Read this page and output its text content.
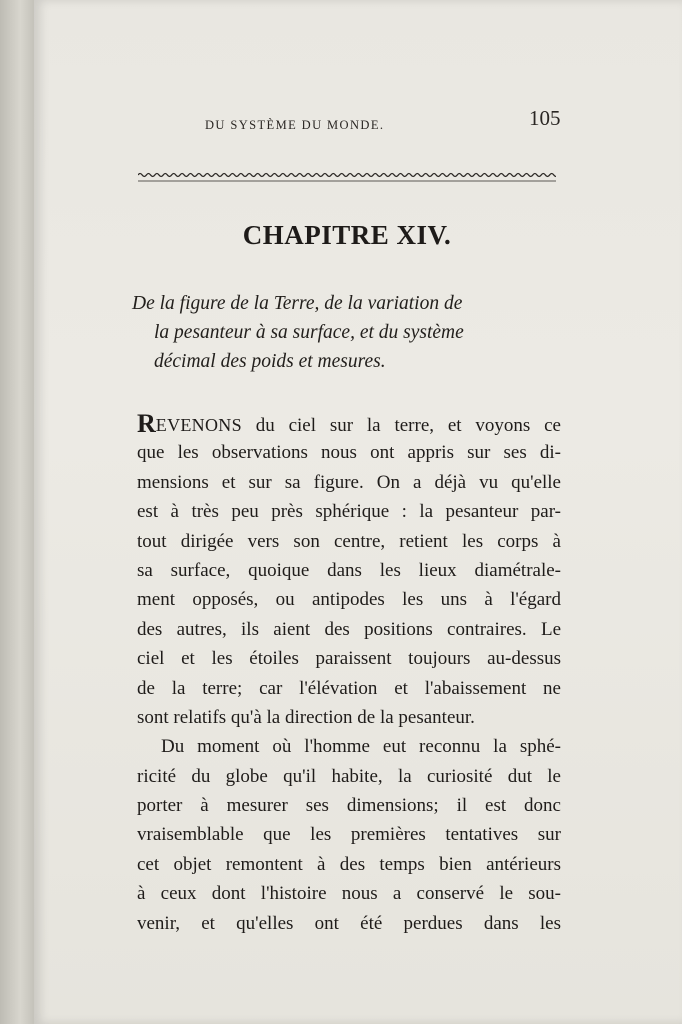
DU SYSTÈME DU MONDE.	105
CHAPITRE XIV.
De la figure de la Terre, de la variation de
la pesanteur à sa surface, et du système
décimal des poids et mesures.
REVENONS du ciel sur la terre, et voyons ce
que les observations nous ont appris sur ses di-
mensions et sur sa figure. On a déjà vu qu'elle
est à très peu près sphérique : la pesanteur par-
tout dirigée vers son centre, retient les corps à
sa surface, quoique dans les lieux diamétrale-
ment opposés, ou antipodes les uns à l'égard
des autres, ils aient des positions contraires. Le
ciel et les étoiles paraissent toujours au-dessus
de la terre; car l'élévation et l'abaissement ne
sont relatifs qu'à la direction de la pesanteur.
Du moment où l'homme eut reconnu la sphé-
ricité du globe qu'il habite, la curiosité dut le
porter à mesurer ses dimensions; il est donc
vraisemblable que les premières tentatives sur
cet objet remontent à des temps bien antérieurs
à ceux dont l'histoire nous a conservé le sou-
venir, et qu'elles ont été perdues dans les
